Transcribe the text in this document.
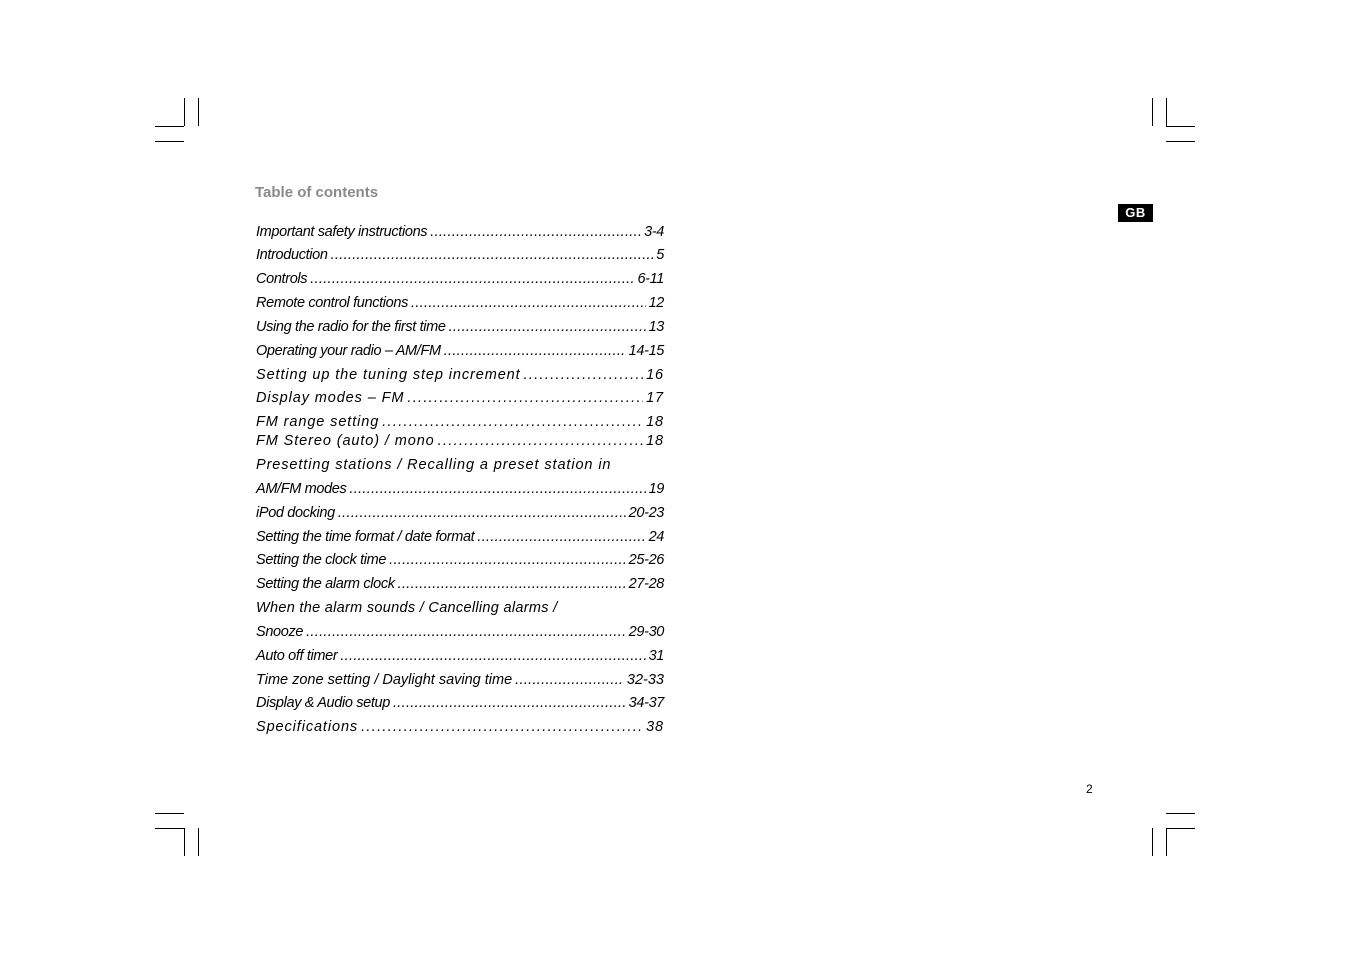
Table of contents
Important safety instructions .....	3-4
Introduction .....	5
Controls .....	6-11
Remote control functions .....	12
Using the radio for the first time .....	13
Operating your radio – AM/FM .....	14-15
Setting up the tuning step increment .....	16
Display modes – FM .....	17
FM range setting .....	18
FM Stereo (auto) / mono .....	18
Presetting stations / Recalling a preset station in
AM/FM modes .....	19
iPod docking .....	20-23
Setting the time format / date format .....	24
Setting the clock time .....	25-26
Setting the alarm clock .....	27-28
When the alarm sounds / Cancelling alarms /
Snooze .....	29-30
Auto off timer .....	31
Time zone setting / Daylight saving time .....	32-33
Display & Audio setup .....	34-37
Specifications .....	38
GB
2
